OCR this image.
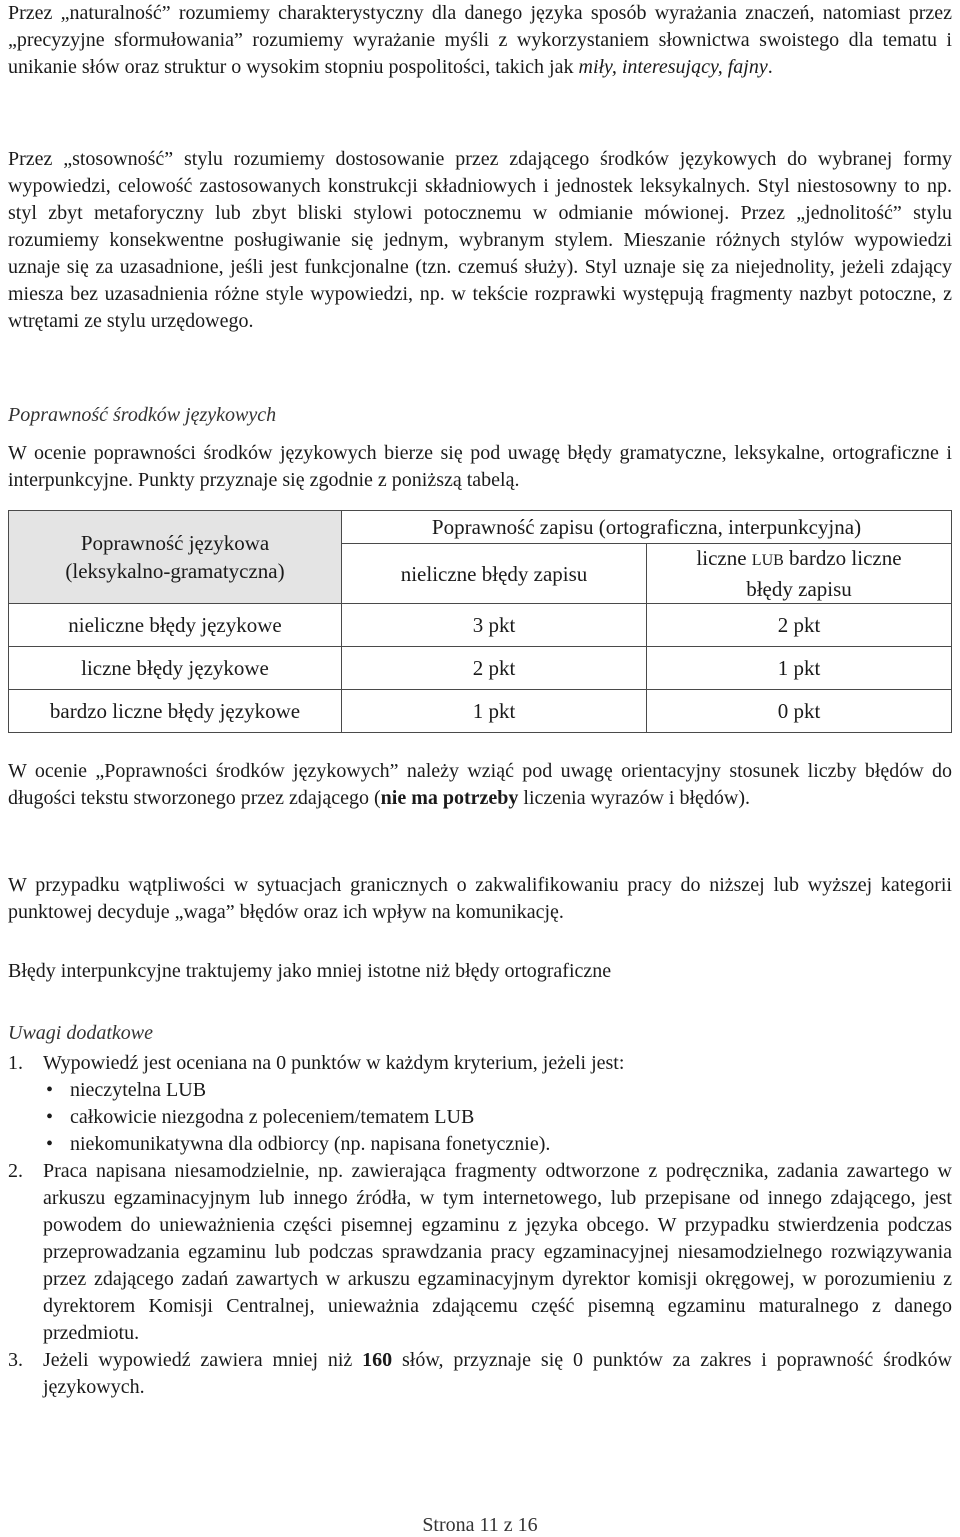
Przez „naturalność” rozumiemy charakterystyczny dla danego języka sposób wyrażania znaczeń, natomiast przez „precyzyjne sformułowania” rozumiemy wyrażanie myśli z wykorzystaniem słownictwa swoistego dla tematu i unikanie słów oraz struktur o wysokim stopniu pospolitości, takich jak miły, interesujący, fajny.

Przez „stosowność” stylu rozumiemy dostosowanie przez zdającego środków językowych do wybranej formy wypowiedzi, celowość zastosowanych konstrukcji składniowych i jednostek leksykalnych. Styl niestosowny to np. styl zbyt metaforyczny lub zbyt bliski stylowi potocznemu w odmianie mówionej. Przez „jednolitość” stylu rozumiemy konsekwentne posługiwanie się jednym, wybranym stylem. Mieszanie różnych stylów wypowiedzi uznaje się za uzasadnione, jeśli jest funkcjonalne (tzn. czemuś służy). Styl uznaje się za niejednolity, jeżeli zdający miesza bez uzasadnienia różne style wypowiedzi, np. w tekście rozprawki występują fragmenty nazbyt potoczne, z wtrętami ze stylu urzędowego.

Poprawność środków językowych

W ocenie poprawności środków językowych bierze się pod uwagę błędy gramatyczne, leksykalne, ortograficzne i interpunkcyjne. Punkty przyznaje się zgodnie z poniższą tabelą.

Poprawność językowa
(leksykalno-gramatyczna)	Poprawność zapisu (ortograficzna, interpunkcyjna)	
	nieliczne błędy zapisu	liczne LUB bardzo liczne
błędy zapisu

nieliczne błędy językowe	3 pkt	2 pkt
liczne błędy językowe	2 pkt	1 pkt
bardzo liczne błędy językowe	1 pkt	0 pkt

W ocenie „Poprawności środków językowych” należy wziąć pod uwagę orientacyjny stosunek liczby błędów do długości tekstu stworzonego przez zdającego (nie ma potrzeby liczenia wyrazów i błędów).

W przypadku wątpliwości w sytuacjach granicznych o zakwalifikowaniu pracy do niższej lub wyższej kategorii punktowej decyduje „waga” błędów oraz ich wpływ na komunikację.

Błędy interpunkcyjne traktujemy jako mniej istotne niż błędy ortograficzne

Uwagi dodatkowe
1. Wypowiedź jest oceniana na 0 punktów w każdym kryterium, jeżeli jest:
• nieczytelna LUB
• całkowicie niezgodna z poleceniem/tematem LUB
• niekomunikatywna dla odbiorcy (np. napisana fonetycznie).
2. Praca napisana niesamodzielnie, np. zawierająca fragmenty odtworzone z podręcznika, zadania zawartego w arkuszu egzaminacyjnym lub innego źródła, w tym internetowego, lub przepisane od innego zdającego, jest powodem do unieważnienia części pisemnej egzaminu z języka obcego. W przypadku stwierdzenia podczas przeprowadzania egzaminu lub podczas sprawdzania pracy egzaminacyjnej niesamodzielnego rozwiązywania przez zdającego zadań zawartych w arkuszu egzaminacyjnym dyrektor komisji okręgowej, w porozumieniu z dyrektorem Komisji Centralnej, unieważnia zdającemu część pisemną egzaminu maturalnego z danego przedmiotu.
3. Jeżeli wypowiedź zawiera mniej niż 160 słów, przyznaje się 0 punktów za zakres i poprawność środków językowych.
Strona 11 z 16
